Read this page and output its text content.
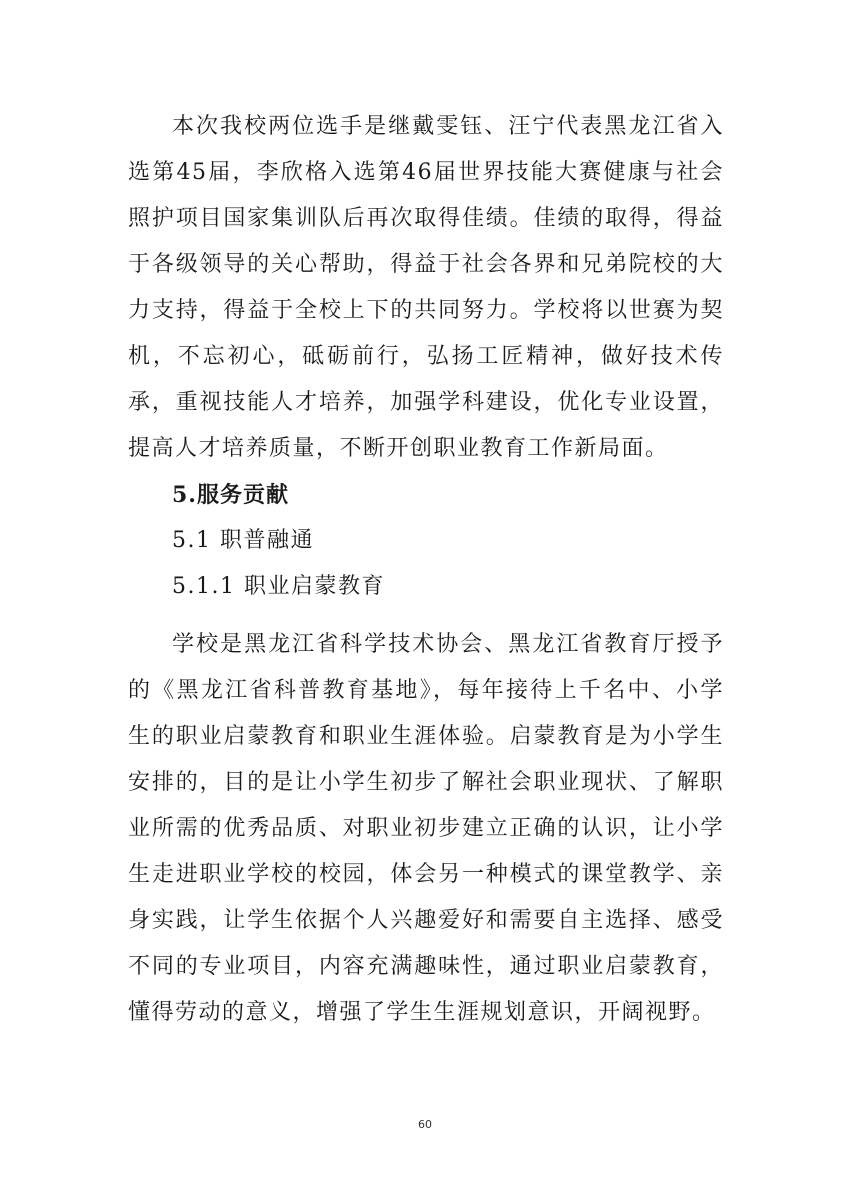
本次我校两位选手是继戴雯钰、汪宁代表黑龙江省入选第45届，李欣格入选第46届世界技能大赛健康与社会照护项目国家集训队后再次取得佳绩。佳绩的取得，得益于各级领导的关心帮助，得益于社会各界和兄弟院校的大力支持，得益于全校上下的共同努力。学校将以世赛为契机，不忘初心，砥砺前行，弘扬工匠精神，做好技术传承，重视技能人才培养，加强学科建设，优化专业设置，提高人才培养质量，不断开创职业教育工作新局面。

5.服务贡献

5.1 职普融通

5.1.1 职业启蒙教育

学校是黑龙江省科学技术协会、黑龙江省教育厅授予的《黑龙江省科普教育基地》，每年接待上千名中、小学生的职业启蒙教育和职业生涯体验。启蒙教育是为小学生安排的，目的是让小学生初步了解社会职业现状、了解职业所需的优秀品质、对职业初步建立正确的认识，让小学生走进职业学校的校园，体会另一种模式的课堂教学、亲身实践，让学生依据个人兴趣爱好和需要自主选择、感受不同的专业项目，内容充满趣味性，通过职业启蒙教育，懂得劳动的意义，增强了学生生涯规划意识，开阔视野。

60
